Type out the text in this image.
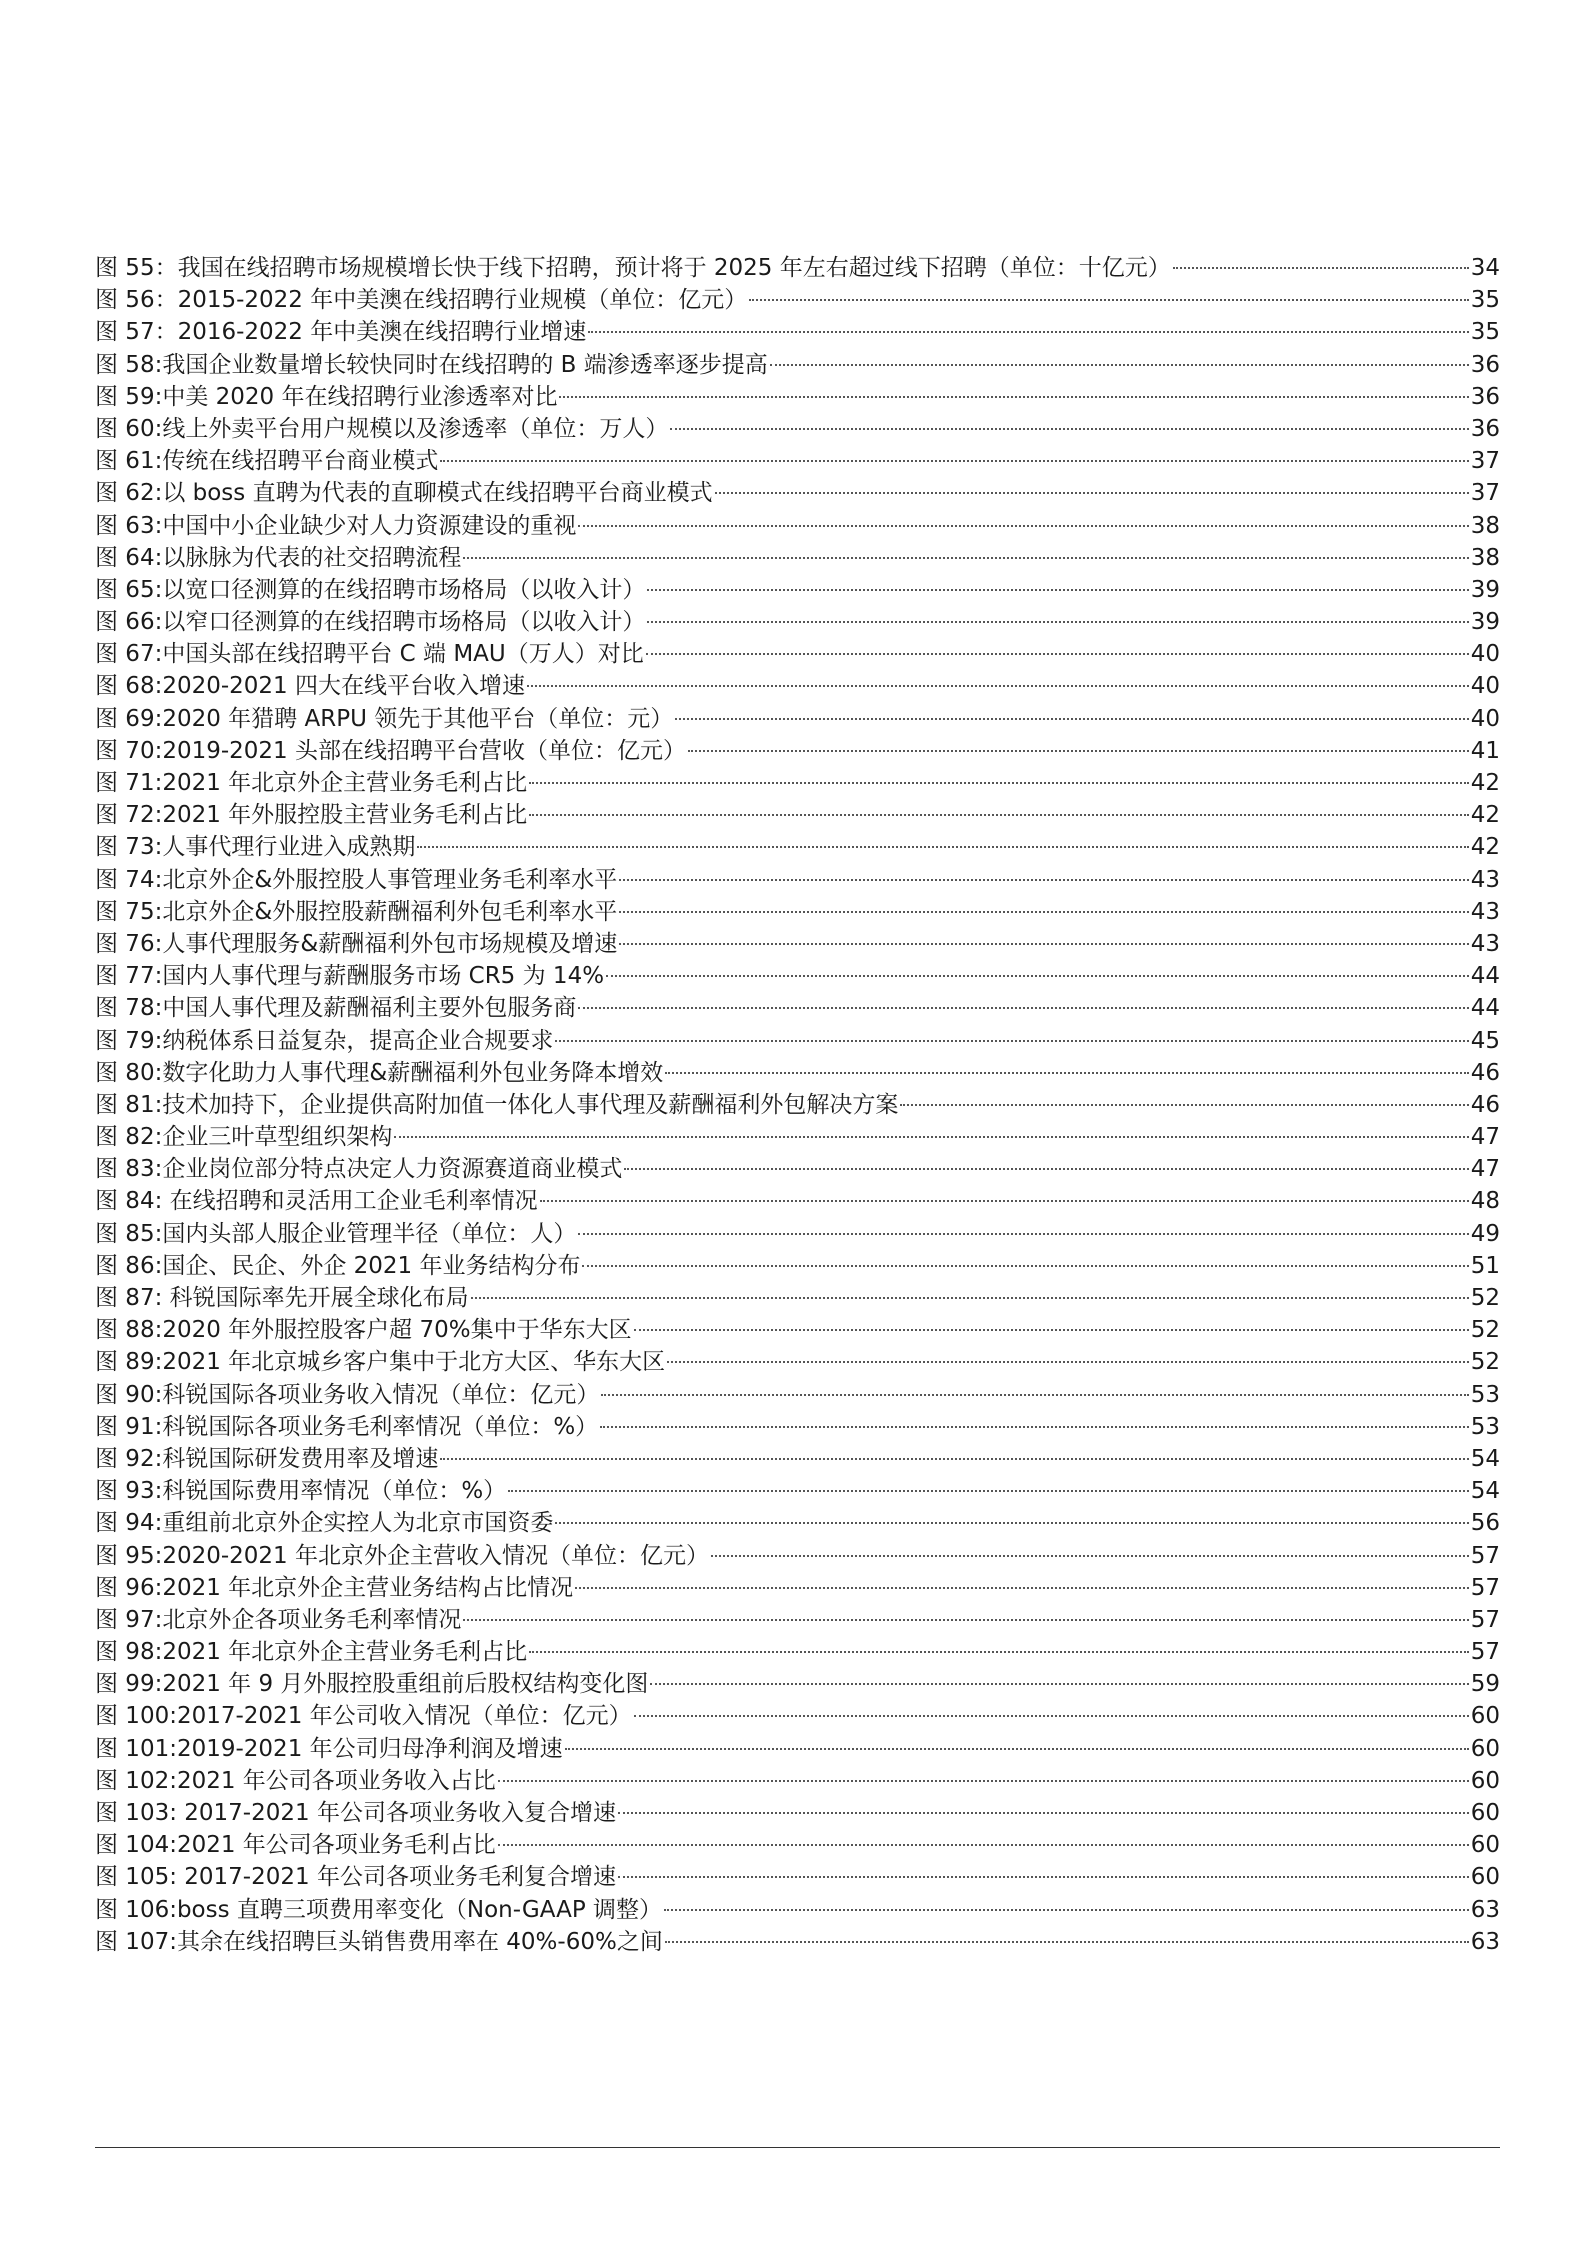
图 55：我国在线招聘市场规模增长快于线下招聘，预计将于 2025 年左右超过线下招聘（单位：十亿元）	34
图 56：2015-2022 年中美澳在线招聘行业规模（单位：亿元）	35
图 57：2016-2022 年中美澳在线招聘行业增速	35
图 58:我国企业数量增长较快同时在线招聘的 B 端渗透率逐步提高	36
图 59:中美 2020 年在线招聘行业渗透率对比	36
图 60:线上外卖平台用户规模以及渗透率（单位：万人）	36
图 61:传统在线招聘平台商业模式	37
图 62:以 boss 直聘为代表的直聊模式在线招聘平台商业模式	37
图 63:中国中小企业缺少对人力资源建设的重视	38
图 64:以脉脉为代表的社交招聘流程	38
图 65:以宽口径测算的在线招聘市场格局（以收入计）	39
图 66:以窄口径测算的在线招聘市场格局（以收入计）	39
图 67:中国头部在线招聘平台 C 端 MAU（万人）对比	40
图 68:2020-2021 四大在线平台收入增速	40
图 69:2020 年猎聘 ARPU 领先于其他平台（单位：元）	40
图 70:2019-2021 头部在线招聘平台营收（单位：亿元）	41
图 71:2021 年北京外企主营业务毛利占比	42
图 72:2021 年外服控股主营业务毛利占比	42
图 73:人事代理行业进入成熟期	42
图 74:北京外企&外服控股人事管理业务毛利率水平	43
图 75:北京外企&外服控股薪酬福利外包毛利率水平	43
图 76:人事代理服务&薪酬福利外包市场规模及增速	43
图 77:国内人事代理与薪酬服务市场 CR5 为 14%	44
图 78:中国人事代理及薪酬福利主要外包服务商	44
图 79:纳税体系日益复杂，提高企业合规要求	45
图 80:数字化助力人事代理&薪酬福利外包业务降本增效	46
图 81:技术加持下，企业提供高附加值一体化人事代理及薪酬福利外包解决方案	46
图 82:企业三叶草型组织架构	47
图 83:企业岗位部分特点决定人力资源赛道商业模式	47
图 84: 在线招聘和灵活用工企业毛利率情况	48
图 85:国内头部人服企业管理半径（单位：人）	49
图 86:国企、民企、外企 2021 年业务结构分布	51
图 87: 科锐国际率先开展全球化布局	52
图 88:2020 年外服控股客户超 70%集中于华东大区	52
图 89:2021 年北京城乡客户集中于北方大区、华东大区	52
图 90:科锐国际各项业务收入情况（单位：亿元）	53
图 91:科锐国际各项业务毛利率情况（单位：%）	53
图 92:科锐国际研发费用率及增速	54
图 93:科锐国际费用率情况（单位：%）	54
图 94:重组前北京外企实控人为北京市国资委	56
图 95:2020-2021 年北京外企主营收入情况（单位：亿元）	57
图 96:2021 年北京外企主营业务结构占比情况	57
图 97:北京外企各项业务毛利率情况	57
图 98:2021 年北京外企主营业务毛利占比	57
图 99:2021 年 9 月外服控股重组前后股权结构变化图	59
图 100:2017-2021 年公司收入情况（单位：亿元）	60
图 101:2019-2021 年公司归母净利润及增速	60
图 102:2021 年公司各项业务收入占比	60
图 103: 2017-2021 年公司各项业务收入复合增速	60
图 104:2021 年公司各项业务毛利占比	60
图 105: 2017-2021 年公司各项业务毛利复合增速	60
图 106:boss 直聘三项费用率变化（Non-GAAP 调整）	63
图 107:其余在线招聘巨头销售费用率在 40%-60%之间	63
